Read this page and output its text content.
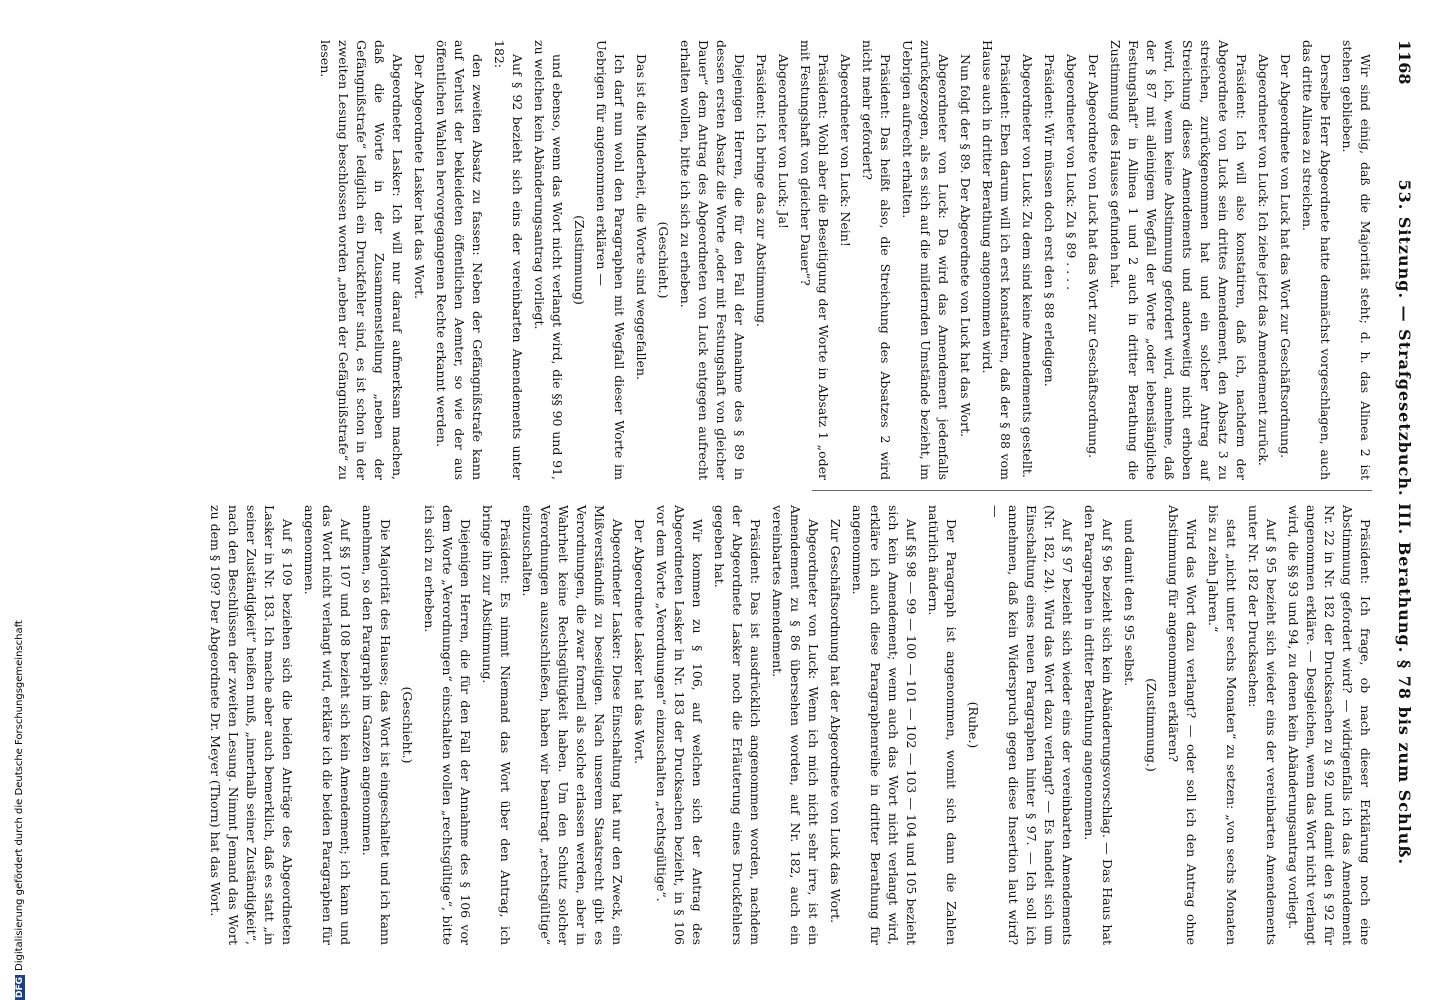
1168
53. Sitzung. — Strafgesetzbuch. III. Berathung. § 78 bis zum Schluß.

Wir sind einig, daß die Majorität steht; d. h. das Alinea 2 ist stehen geblieben.

Derselbe Herr Abgeordnete hatte demnächst vorgeschlagen, auch das dritte Alinea zu streichen.

Der Abgeordnete von Luck hat das Wort zur Geschäftsordnung.

Abgeordneter von Luck: Ich ziehe jetzt das Amendement zurück.

Präsident: Ich will also konstatiren, daß ich, nachdem der Abgeordnete von Luck sein drittes Amendement, den Absatz 3 zu streichen, zurückgenommen hat und ein solcher Antrag auf Streichung dieses Amendements und anderweitig nicht erhoben wird, ich, wenn keine Abstimmung gefordert wird, annehme, daß der § 87 mit alleinigem Wegfall der Worte „oder lebenslängliche Festungshaft“ in Alinea 1 und 2 auch in dritter Berathung die Zustimmung des Hauses gefunden hat.

Der Abgeordnete von Luck hat das Wort zur Geschäftsordnung.

Abgeordneter von Luck: Zu § 89 . . . .

Präsident: Wir müssen doch erst den § 88 erledigen.

Abgeordneter von Luck: Zu dem sind keine Amendements gestellt.

Präsident: Eben darum will ich erst konstatiren, daß der § 88 vom Hause auch in dritter Berathung angenommen wird.

Nun folgt der § 89. Der Abgeordnete von Luck hat das Wort.

Abgeordneter von Luck: Da wird das Amendement jedenfalls zurückgezogen, als es sich auf die mildernden Umstände bezieht, im Uebrigen aufrecht erhalten.

Präsident: Das heißt also, die Streichung des Absatzes 2 wird nicht mehr gefordert?

Abgeordneter von Luck: Nein!

Präsident: Wohl aber die Beseitigung der Worte in Absatz 1 „oder mit Festungshaft von gleicher Dauer“?

Abgeordneter von Luck: Ja!

Präsident: Ich bringe das zur Abstimmung.

Diejenigen Herren, die für den Fall der Annahme des § 89 in dessen ersten Absatz die Worte „oder mit Festungshaft von gleicher Dauer“ dem Antrag des Abgeordneten von Luck entgegen aufrecht erhalten wollen, bitte ich sich zu erheben.

(Geschieht.)

Das ist die Minderheit, die Worte sind weggefallen.

Ich darf nun wohl den Paragraphen mit Wegfall dieser Worte im Uebrigen für angenommen erklären —

(Zustimmung)

und ebenso, wenn das Wort nicht verlangt wird, die §§ 90 und 91, zu welchen kein Abänderungsantrag vorliegt.

Auf § 92 bezieht sich eins der vereinbarten Amendements unter 182:

den zweiten Absatz zu fassen: Neben der Gefängnißstrafe kann auf Verlust der bekleideten öffentlichen Aemter, so wie der aus öffentlichen Wahlen hervorgegangenen Rechte erkannt werden.

Der Abgeordnete Lasker hat das Wort.

Abgeordneter Lasker: Ich will nur darauf aufmerksam machen, daß die Worte in der Zusammenstellung „neben der Gefängnißstrafe“ lediglich ein Druckfehler sind, es ist schon in der zweiten Lesung beschlossen worden „neben der Gefängnißstrafe“ zu lesen.

Präsident: Ich frage, ob nach dieser Erklärung noch eine Abstimmung gefordert wird? — widrigenfalls ich das Amendement Nr. 22 in Nr. 182 der Drucksachen zu § 92 und damit den § 92 für angenommen erkläre. — Desgleichen, wenn das Wort nicht verlangt wird, die §§ 93 und 94, zu denen kein Abänderungsantrag vorliegt.

Auf § 95 bezieht sich wieder eins der vereinbarten Amendements unter Nr. 182 der Drucksachen:

statt „nicht unter sechs Monaten“ zu setzen: „von sechs Monaten bis zu zehn Jahren.“

Wird das Wort dazu verlangt? — oder soll ich den Antrag ohne Abstimmung für angenommen erklären?

(Zustimmung.)

und damit den § 95 selbst.

Auf § 96 bezieht sich kein Abänderungsvorschlag. — Das Haus hat den Paragraphen in dritter Berathung angenommen.

Auf § 97 bezieht sich wieder eins der vereinbarten Amendements (Nr. 182, 24). Wird das Wort dazu verlangt? — Es handelt sich um Einschaltung eines neuen Paragraphen hinter § 97. — Ich soll ich annehmen, daß kein Widerspruch gegen diese Insertion laut wird? —

(Ruhe.)

Der Paragraph ist angenommen, womit sich dann die Zahlen natürlich ändern.

Auf §§ 98 — 99 — 100 — 101 — 102 — 103 — 104 und 105 bezieht sich kein Amendement; wenn auch das Wort nicht verlangt wird, erkläre ich auch diese Paragraphenreihe in dritter Berathung für angenommen.

Zur Geschäftsordnung hat der Abgeordnete von Luck das Wort.

Abgeordneter von Luck: Wenn ich mich nicht sehr irre, ist ein Amendement zu § 86 übersehen worden, auf Nr. 182, auch ein vereinbartes Amendement.

Präsident: Das ist ausdrücklich angenommen worden, nachdem der Abgeordnete Lasker noch die Erläuterung eines Druckfehlers gegeben hat.

Wir kommen zu § 106, auf welchen sich der Antrag des Abgeordneten Lasker in Nr. 183 der Drucksachen bezieht, in § 106 vor dem Worte „Verordnungen“ einzuschalten „rechtsgültige“.

Der Abgeordnete Lasker hat das Wort.

Abgeordneter Lasker: Diese Einschaltung hat nur den Zweck, ein Mißverständniß zu beseitigen. Nach unserem Staatsrecht gibt es Verordnungen, die zwar formell als solche erlassen werden, aber in Wahrheit keine Rechtsgültigkeit haben. Um den Schutz solcher Verordnungen auszuschließen, haben wir beantragt „rechtsgültige“ einzuschalten.

Präsident: Es nimmt Niemand das Wort über den Antrag, ich bringe ihn zur Abstimmung.

Diejenigen Herren, die für den Fall der Annahme des § 106 vor dem Worte „Verordnungen“ einschalten wollen „rechtsgültige“, bitte ich sich zu erheben.

(Geschieht.)

Die Majorität des Hauses; das Wort ist eingeschaltet und ich kann annehmen, so den Paragraph im Ganzen angenommen.

Auf §§ 107 und 108 bezieht sich kein Amendement; ich kann und das Wort nicht verlangt wird, erkläre ich die beiden Paragraphen für angenommen.

Auf § 109 beziehen sich die beiden Anträge des Abgeordneten Lasker in Nr. 183. Ich mache aber auch bemerklich, daß es statt „in seiner Zuständigkeit“ heißen muß, „innerhalb seiner Zuständigkeit“, nach den Beschlüssen der zweiten Lesung. Nimmt Jemand das Wort zu dem § 109? Der Abgeordnete Dr. Meyer (Thorn) hat das Wort.

DFGDigitalisierung gefördert durch die Deutsche Forschungsgemeinschaft
